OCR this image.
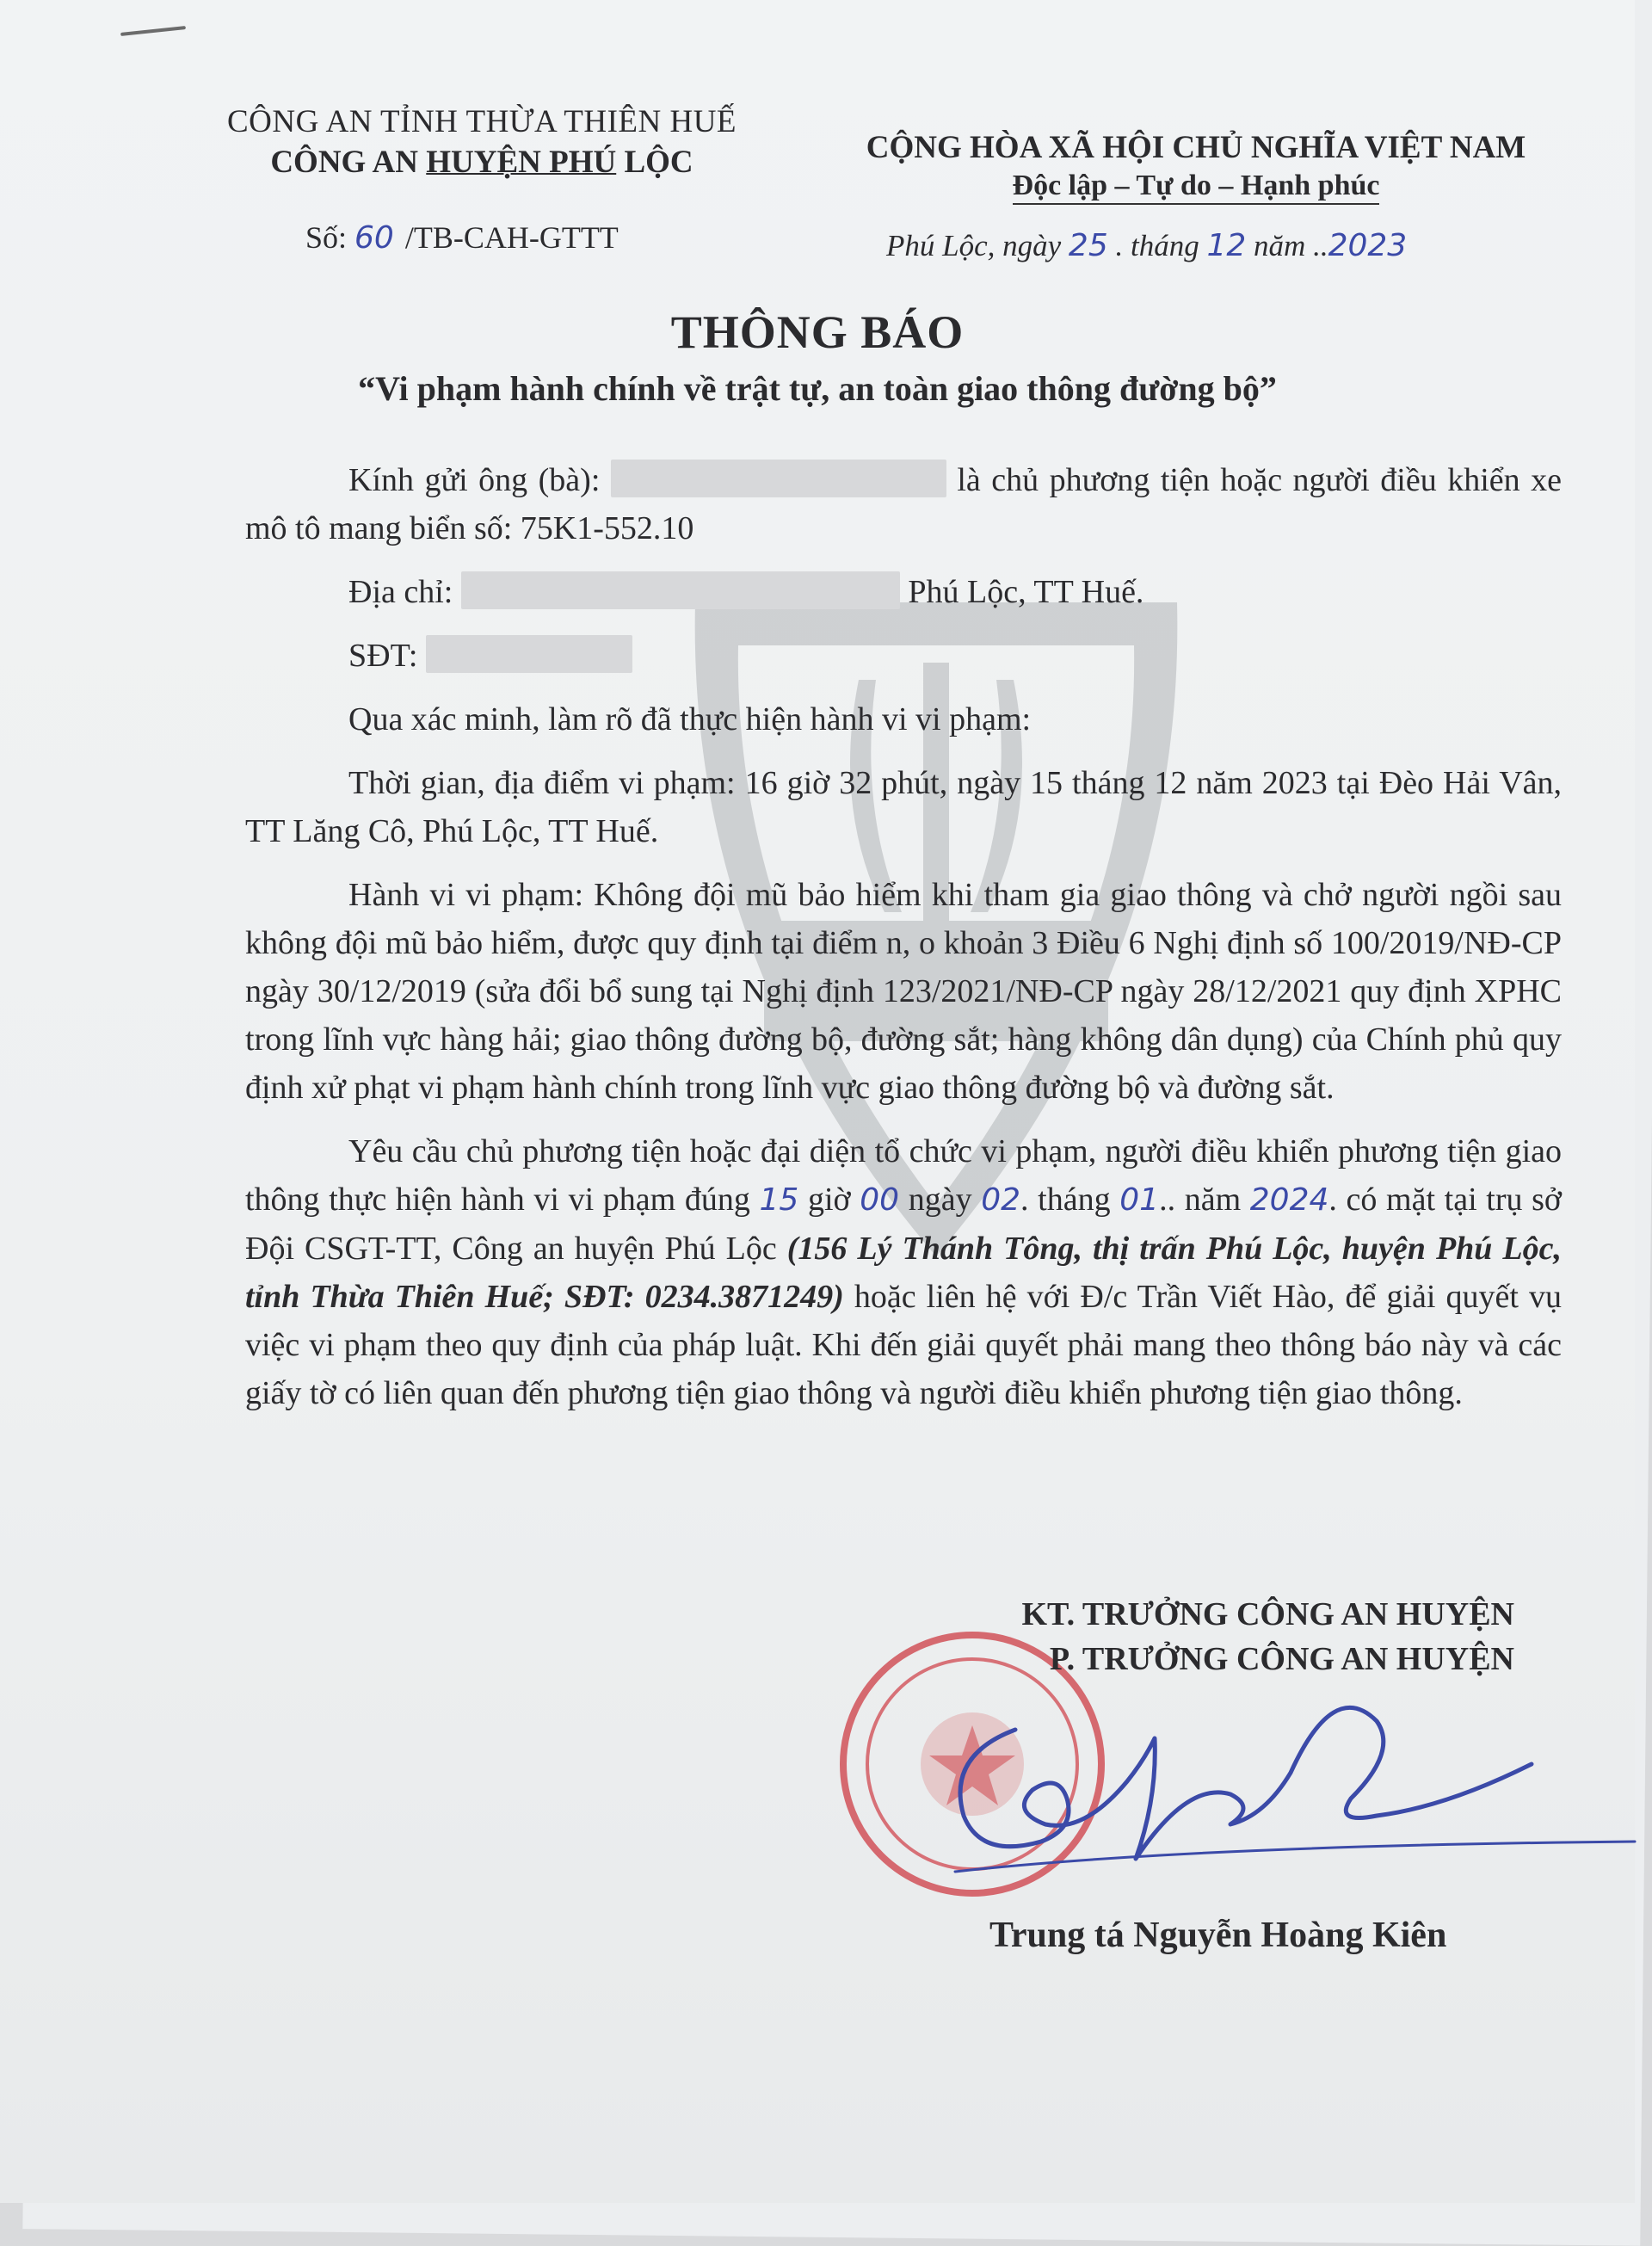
CÔNG AN TỈNH THỪA THIÊN HUẾ
CÔNG AN HUYỆN PHÚ LỘC	CỘNG HÒA XÃ HỘI CHỦ NGHĨA VIỆT NAM
Độc lập – Tự do – Hạnh phúc
Số: 60 /TB-CAH-GTTT	Phú Lộc, ngày 25 . tháng 12 năm ..2023
THÔNG BÁO
“Vi phạm hành chính về trật tự, an toàn giao thông đường bộ”

Kính gửi ông (bà):	là chủ phương tiện hoặc người điều khiển xe mô tô mang biển số: 75K1-552.10

Địa chỉ:	Phú Lộc, TT Huế.

SĐT:

Qua xác minh, làm rõ đã thực hiện hành vi vi phạm:

Thời gian, địa điểm vi phạm: 16 giờ 32 phút, ngày 15 tháng 12 năm 2023 tại Đèo Hải Vân, TT Lăng Cô, Phú Lộc, TT Huế.

Hành vi vi phạm: Không đội mũ bảo hiểm khi tham gia giao thông và chở người ngồi sau không đội mũ bảo hiểm, được quy định tại điểm n, o khoản 3 Điều 6 Nghị định số 100/2019/NĐ-CP ngày 30/12/2019 (sửa đổi bổ sung tại Nghị định 123/2021/NĐ-CP ngày 28/12/2021 quy định XPHC trong lĩnh vực hàng hải; giao thông đường bộ, đường sắt; hàng không dân dụng) của Chính phủ quy định xử phạt vi phạm hành chính trong lĩnh vực giao thông đường bộ và đường sắt.

Yêu cầu chủ phương tiện hoặc đại diện tổ chức vi phạm, người điều khiển phương tiện giao thông thực hiện hành vi vi phạm đúng 15 giờ 00 ngày 02. tháng 01.. năm 2024. có mặt tại trụ sở Đội CSGT-TT, Công an huyện Phú Lộc (156 Lý Thánh Tông, thị trấn Phú Lộc, huyện Phú Lộc, tỉnh Thừa Thiên Huế; SĐT: 0234.3871249) hoặc liên hệ với Đ/c Trần Viết Hào, để giải quyết vụ việc vi phạm theo quy định của pháp luật. Khi đến giải quyết phải mang theo thông báo này và các giấy tờ có liên quan đến phương tiện giao thông và người điều khiển phương tiện giao thông.

KT. TRƯỞNG CÔNG AN HUYỆN
P. TRƯỞNG CÔNG AN HUYỆN
Trung tá Nguyễn Hoàng Kiên
